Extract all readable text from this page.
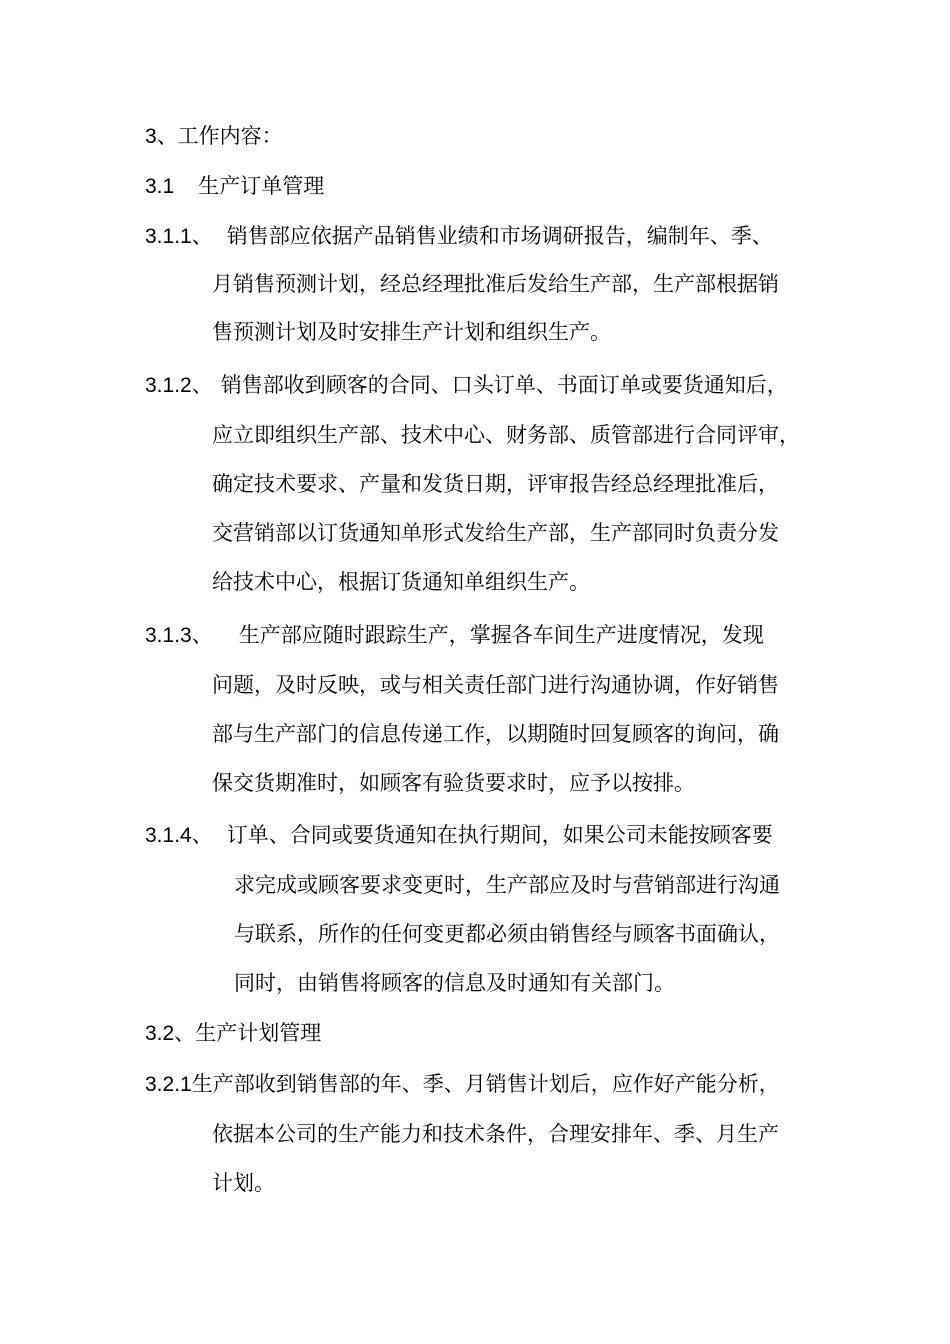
3、工作内容：
3.1 生产订单管理
3.1.1、 销售部应依据产品销售业绩和市场调研报告，编制年、季、
月销售预测计划，经总经理批准后发给生产部，生产部根据销
售预测计划及时安排生产计划和组织生产。
3.1.2、 销售部收到顾客的合同、口头订单、书面订单或要货通知后，
应立即组织生产部、技术中心、财务部、质管部进行合同评审，
确定技术要求、产量和发货日期，评审报告经总经理批准后，
交营销部以订货通知单形式发给生产部，生产部同时负责分发
给技术中心，根据订货通知单组织生产。
3.1.3、 生产部应随时跟踪生产，掌握各车间生产进度情况，发现
问题，及时反映，或与相关责任部门进行沟通协调，作好销售
部与生产部门的信息传递工作，以期随时回复顾客的询问，确
保交货期准时，如顾客有验货要求时，应予以按排。
3.1.4、 订单、合同或要货通知在执行期间，如果公司未能按顾客要
求完成或顾客要求变更时，生产部应及时与营销部进行沟通
与联系，所作的任何变更都必须由销售经与顾客书面确认，
同时，由销售将顾客的信息及时通知有关部门。
3.2、生产计划管理
3.2.1生产部收到销售部的年、季、月销售计划后，应作好产能分析，
依据本公司的生产能力和技术条件，合理安排年、季、月生产
计划。
